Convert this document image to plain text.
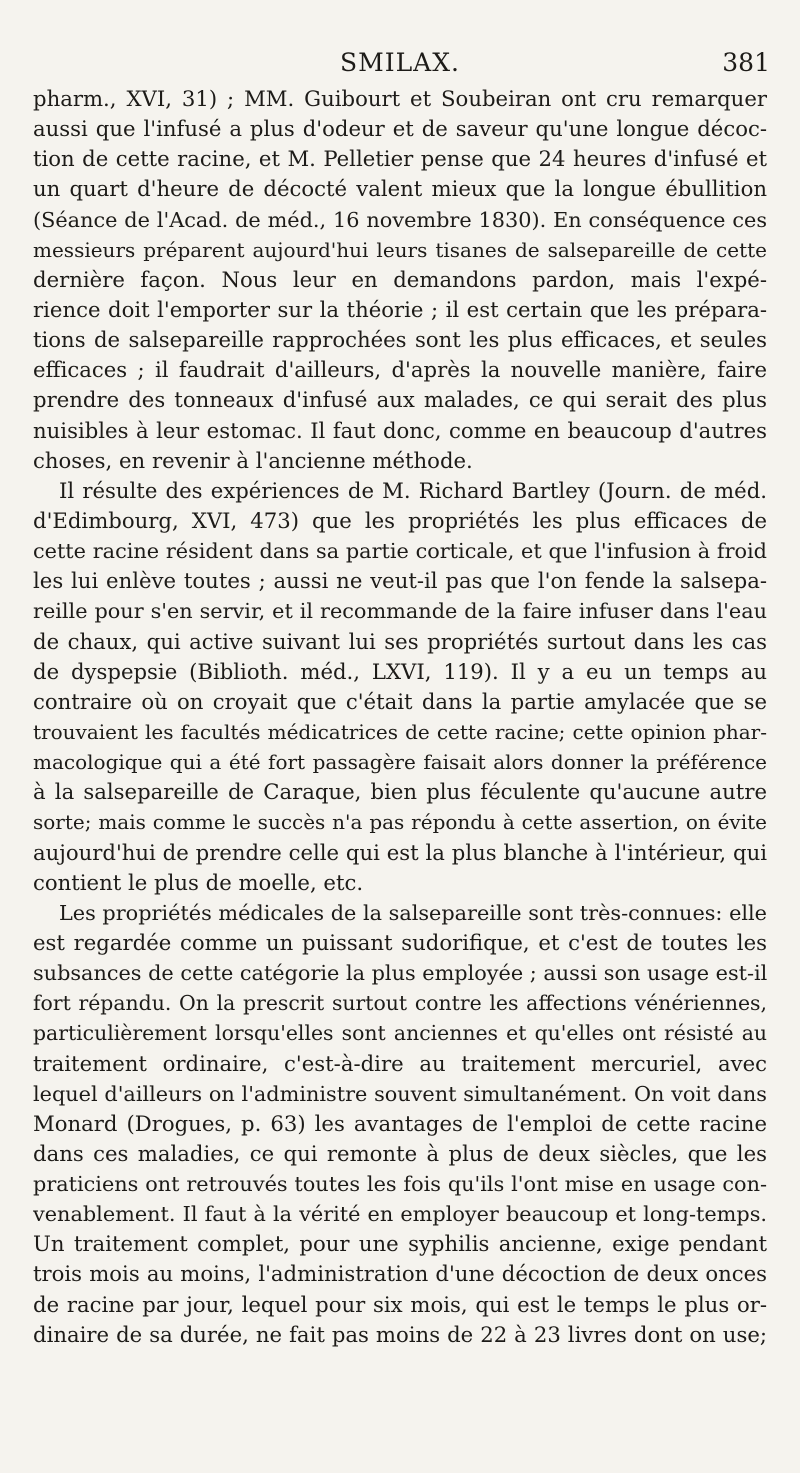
SMILAX.	381
pharm., XVI, 31) ; MM. Guibourt et Soubeiran ont cru remarquer
aussi que l'infusé a plus d'odeur et de saveur qu'une longue décoc-
tion de cette racine, et M. Pelletier pense que 24 heures d'infusé et
un quart d'heure de décocté valent mieux que la longue ébullition
(Séance de l'Acad. de méd., 16 novembre 1830). En conséquence ces
messieurs préparent aujourd'hui leurs tisanes de salsepareille de cette
dernière façon. Nous leur en demandons pardon, mais l'expé-
rience doit l'emporter sur la théorie ; il est certain que les prépara-
tions de salsepareille rapprochées sont les plus efficaces, et seules
efficaces ; il faudrait d'ailleurs, d'après la nouvelle manière, faire
prendre des tonneaux d'infusé aux malades, ce qui serait des plus
nuisibles à leur estomac. Il faut donc, comme en beaucoup d'autres
choses, en revenir à l'ancienne méthode.
Il résulte des expériences de M. Richard Bartley (Journ. de méd.
d'Edimbourg, XVI, 473) que les propriétés les plus efficaces de
cette racine résident dans sa partie corticale, et que l'infusion à froid
les lui enlève toutes ; aussi ne veut-il pas que l'on fende la salsepa-
reille pour s'en servir, et il recommande de la faire infuser dans l'eau
de chaux, qui active suivant lui ses propriétés surtout dans les cas
de dyspepsie (Biblioth. méd., LXVI, 119). Il y a eu un temps au
contraire où on croyait que c'était dans la partie amylacée que se
trouvaient les facultés médicatrices de cette racine; cette opinion phar-
macologique qui a été fort passagère faisait alors donner la préférence
à la salsepareille de Caraque, bien plus féculente qu'aucune autre
sorte; mais comme le succès n'a pas répondu à cette assertion, on évite
aujourd'hui de prendre celle qui est la plus blanche à l'intérieur, qui
contient le plus de moelle, etc.
Les propriétés médicales de la salsepareille sont très-connues: elle
est regardée comme un puissant sudorifique, et c'est de toutes les
subsances de cette catégorie la plus employée ; aussi son usage est-il
fort répandu. On la prescrit surtout contre les affections vénériennes,
particulièrement lorsqu'elles sont anciennes et qu'elles ont résisté au
traitement ordinaire, c'est-à-dire au traitement mercuriel, avec
lequel d'ailleurs on l'administre souvent simultanément. On voit dans
Monard (Drogues, p. 63) les avantages de l'emploi de cette racine
dans ces maladies, ce qui remonte à plus de deux siècles, que les
praticiens ont retrouvés toutes les fois qu'ils l'ont mise en usage con-
venablement. Il faut à la vérité en employer beaucoup et long-temps.
Un traitement complet, pour une syphilis ancienne, exige pendant
trois mois au moins, l'administration d'une décoction de deux onces
de racine par jour, lequel pour six mois, qui est le temps le plus or-
dinaire de sa durée, ne fait pas moins de 22 à 23 livres dont on use;
